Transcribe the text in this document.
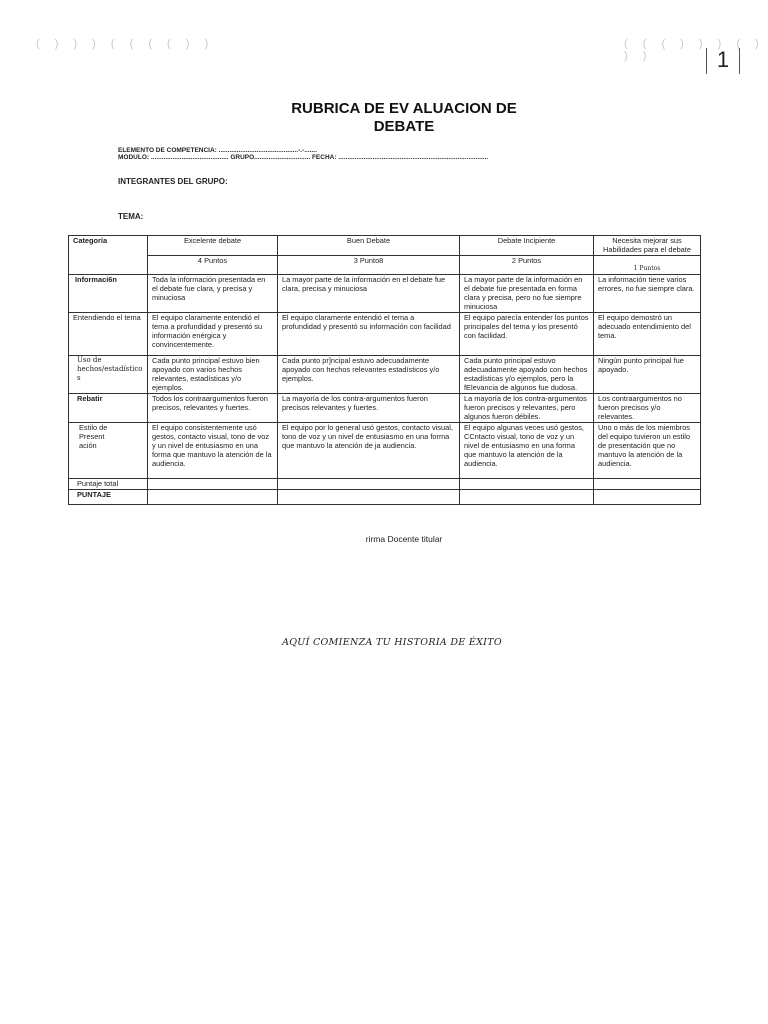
( ) ) ) ( ( ( ( ) )	( ( ( ) ) ) ( ) ) )	1
RUBRICA DE EV ALUACION DE
DEBATE
ELEMENTO DE COMPETENCIA: ............................................-.-.......
MODULO: ........................................... GRUPO............................... FECHA: ...................................................................................
INTEGRANTES DEL GRUPO:
TEMA:
Categoría	Excelente debate	Buen Debate	Debate Incipiente	Necesita mejorar sus Habilidades para el debate
	4 Puntos	3 Punto8	2 Puntos	1 Puntos
Informaci6n	Toda la información presentada en el debate fue clara, y precisa y minuciosa	La mayor parte de la información en el debate fue clara, precisa y minuciosa	La mayor parte de la información en el debate fue presentada en forma clara y precisa, pero no fue siempre minuciosa	La información tiene varios errores, no fue siempre clara.
Entendiendo el tema	El equipo claramente entendió el tema a profundidad y presentó su información enérgica y convincentemente.	El equipo claramente entendió el tema a profundidad y presentó su información con facilidad	El equipo parecía entender los puntos principales del tema y los presentó con facilidad.	El equipo demostró un adecuado entendimiento del tema.
Uso de hechos/estadísticos	Cada punto principal estuvo bien apoyado con varios hechos relevantes, estadísticas y/o ejemplos.	Cada punto pr]ncipal estuvo adecuadamente apoyado con hechos relevantes estadísticos y/o ejemplos.	Cada punto principal estuvo adecuadamente apoyado con hechos estadísticas y/o ejemplos, pero la fElevancia de algunos fue dudosa.	Ningún punto principal fue apoyado.
Rebatir	Todos los contraargumentos fueron precisos, relevantes y fuertes.	La mayoría de los contra-argumentos fueron precisos relevantes y fuertes.	La mayoría de los contra-argumentos fueron precisos y relevantes, pero algunos fueron débiles.	Los contraargumentos no fueron precisos y/o relevantes.

Estilo de Present ación	El equipo consistentemente usó gestos, contacto visual, tono de voz y un nivel de entusiasmo en una forma que mantuvo la atención de la audiencia.	El equipo por lo general usó gestos, contacto visual, tono de voz y un nivel de entusiasmo en una forma que mantuvo la atención de ja audiencia.	El equipo algunas veces usó gestos, CCntacto visual, tono de voz y un nivel de entusiasmo en una forma que mantuvo la atención de la audiencia.	Uno o más de los miembros del equipo tuvieron un estilo de presentación que no mantuvo la atención de la audiencia.
Puntaje total				
PUNTAJE				
rirma Docente titular
AQUÍ COMIENZA TU HISTORIA DE ÉXITO
